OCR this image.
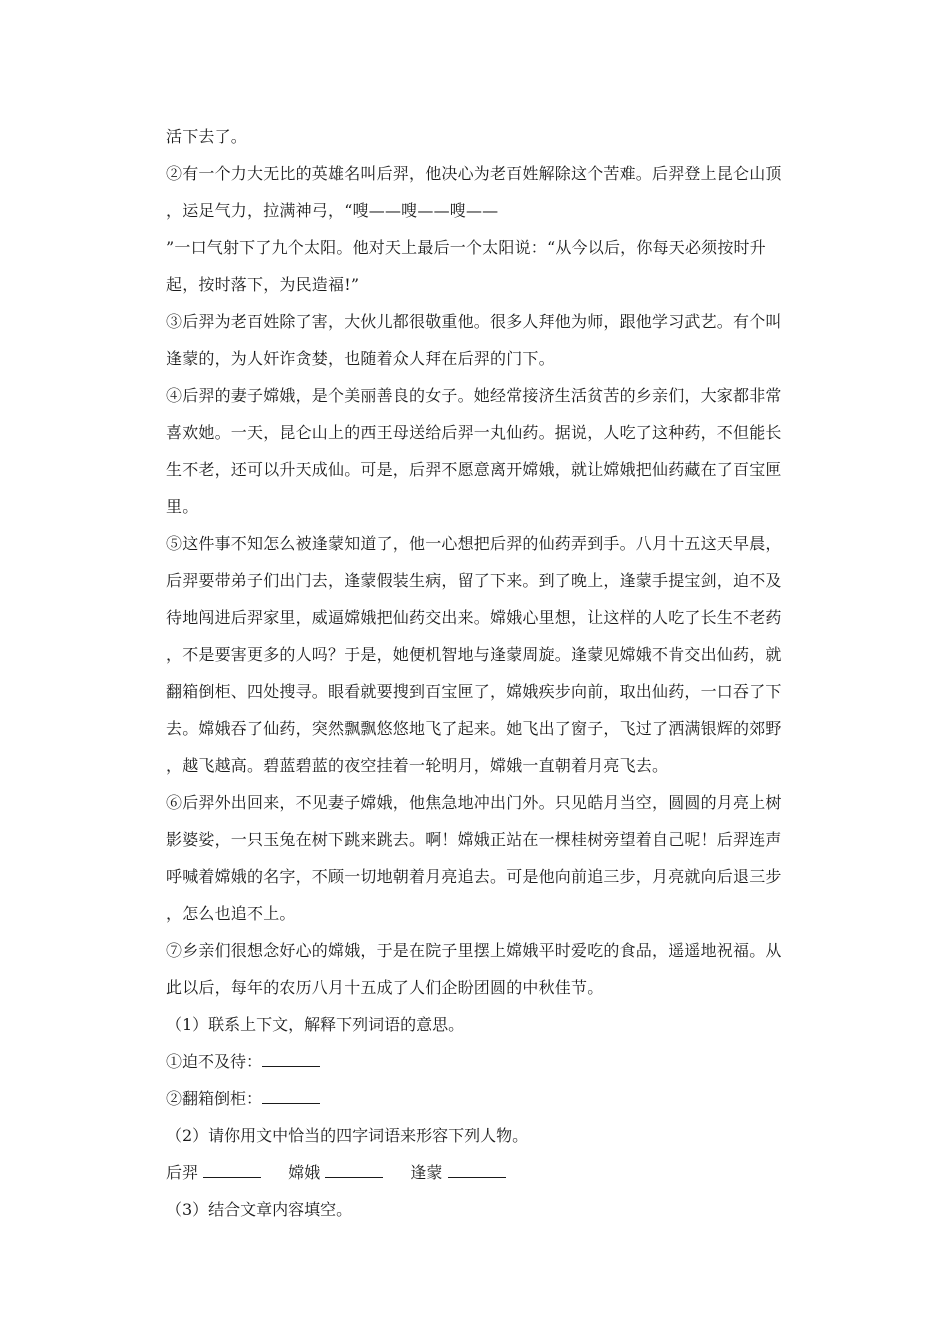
活下去了。
②有一个力大无比的英雄名叫后羿，他决心为老百姓解除这个苦难。后羿登上昆仑山顶
，运足气力，拉满神弓，“嗖——嗖——嗖——
”一口气射下了九个太阳。他对天上最后一个太阳说：“从今以后，你每天必须按时升
起，按时落下，为民造福!”
③后羿为老百姓除了害，大伙儿都很敬重他。很多人拜他为师，跟他学习武艺。有个叫
逢蒙的，为人奸诈贪婪，也随着众人拜在后羿的门下。
④后羿的妻子嫦娥，是个美丽善良的女子。她经常接济生活贫苦的乡亲们，大家都非常
喜欢她。一天，昆仑山上的西王母送给后羿一丸仙药。据说，人吃了这种药，不但能长
生不老，还可以升天成仙。可是，后羿不愿意离开嫦娥，就让嫦娥把仙药藏在了百宝匣
里。
⑤这件事不知怎么被逢蒙知道了，他一心想把后羿的仙药弄到手。八月十五这天早晨，
后羿要带弟子们出门去，逢蒙假装生病，留了下来。到了晚上，逢蒙手提宝剑，迫不及
待地闯进后羿家里，威逼嫦娥把仙药交出来。嫦娥心里想，让这样的人吃了长生不老药
，不是要害更多的人吗？于是，她便机智地与逢蒙周旋。逢蒙见嫦娥不肯交出仙药，就
翻箱倒柜、四处搜寻。眼看就要搜到百宝匣了，嫦娥疾步向前，取出仙药，一口吞了下
去。嫦娥吞了仙药，突然飘飘悠悠地飞了起来。她飞出了窗子，飞过了洒满银辉的郊野
，越飞越高。碧蓝碧蓝的夜空挂着一轮明月，嫦娥一直朝着月亮飞去。
⑥后羿外出回来，不见妻子嫦娥，他焦急地冲出门外。只见皓月当空，圆圆的月亮上树
影婆娑，一只玉兔在树下跳来跳去。啊！嫦娥正站在一棵桂树旁望着自己呢！后羿连声
呼喊着嫦娥的名字，不顾一切地朝着月亮追去。可是他向前追三步，月亮就向后退三步
，怎么也追不上。
⑦乡亲们很想念好心的嫦娥，于是在院子里摆上嫦娥平时爱吃的食品，遥遥地祝福。从
此以后，每年的农历八月十五成了人们企盼团圆的中秋佳节。
（1）联系上下文，解释下列词语的意思。
①迫不及待：
②翻箱倒柜：
（2）请你用文中恰当的四字词语来形容下列人物。
后羿	嫦娥	逢蒙
（3）结合文章内容填空。
